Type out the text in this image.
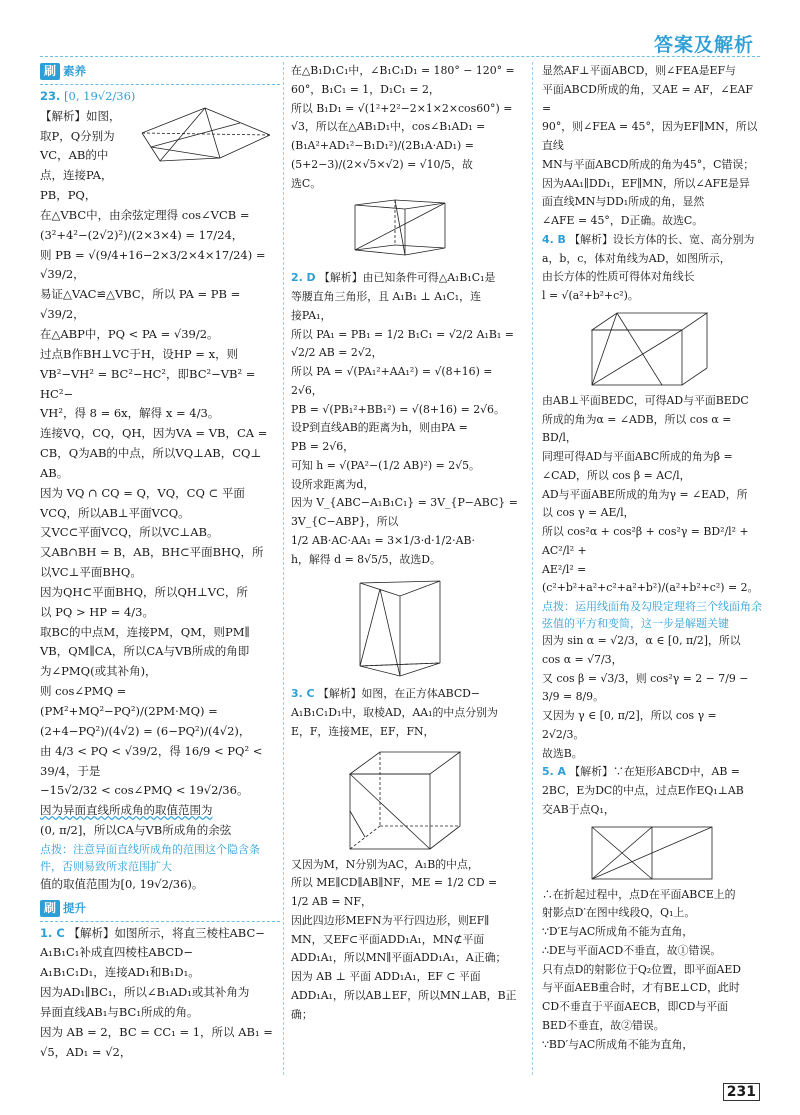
答案及解析
刷 素养
23. [0, 19√2/36)

【解析】如图，取P，Q分别为VC，AB的中点，连接PA，PB，PQ，

在△VBC中，由余弦定理得 cos∠VCB =

(3²+4²−(2√2)²)/(2×3×4) = 17/24，

则 PB = √(9/4+16−2×3/2×4×17/24) = √39/2，

易证△VAC≌△VBC，所以 PA = PB = √39/2，

在△ABP中，PQ < PA = √39/2。

过点B作BH⊥VC于H，设HP = x，则

VB²−VH² = BC²−HC²，即BC²−VB² = HC²−

VH²，得 8 = 6x，解得 x = 4/3。

连接VQ，CQ，QH，因为VA = VB，CA =

CB，Q为AB的中点，所以VQ⊥AB，CQ⊥

AB。

因为 VQ ∩ CQ = Q，VQ，CQ ⊂ 平面

VCQ，所以AB⊥平面VCQ。

又VC⊂平面VCQ，所以VC⊥AB。

又AB∩BH = B，AB，BH⊂平面BHQ，所

以VC⊥平面BHQ。

因为QH⊂平面BHQ，所以QH⊥VC，所

以 PQ > HP = 4/3。

取BC的中点M，连接PM，QM，则PM∥

VB，QM∥CA，所以CA与VB所成的角即

为∠PMQ(或其补角)，

则 cos∠PMQ = (PM²+MQ²−PQ²)/(2PM·MQ) =

(2+4−PQ²)/(4√2) = (6−PQ²)/(4√2)，

由 4/3 < PQ < √39/2，得 16/9 < PQ² < 39/4，于是

−15√2/32 < cos∠PMQ < 19√2/36。

因为异面直线所成角的取值范围为

(0, π/2]，所以CA与VB所成角的余弦

点拨：注意异面直线所成角的范围这个隐含条件，否则易致所求范围扩大

值的取值范围为[0, 19√2/36)。

刷 提升

1. C 【解析】如图所示，将直三棱柱ABC−

A₁B₁C₁补成直四棱柱ABCD−

A₁B₁C₁D₁，连接AD₁和B₁D₁。

因为AD₁∥BC₁，所以∠B₁AD₁或其补角为

异面直线AB₁与BC₁所成的角。

因为 AB = 2，BC = CC₁ = 1，所以 AB₁ =

√5，AD₁ = √2，

在△B₁D₁C₁中，∠B₁C₁D₁ = 180° − 120° =

60°，B₁C₁ = 1，D₁C₁ = 2，

所以 B₁D₁ = √(1²+2²−2×1×2×cos60°) =

√3，所以在△AB₁D₁中，cos∠B₁AD₁ =

(B₁A²+AD₁²−B₁D₁²)/(2B₁A·AD₁) = (5+2−3)/(2×√5×√2) = √10/5，故

选C。

2. D 【解析】由已知条件可得△A₁B₁C₁是

等腰直角三角形，且 A₁B₁ ⊥ A₁C₁，连

接PA₁，

所以 PA₁ = PB₁ = 1/2 B₁C₁ = √2/2 A₁B₁ =

√2/2 AB = 2√2，

所以 PA = √(PA₁²+AA₁²) = √(8+16) = 2√6，

PB = √(PB₁²+BB₁²) = √(8+16) = 2√6。

设P到直线AB的距离为h，则由PA =

PB = 2√6，

可知 h = √(PA²−(1/2 AB)²) = 2√5。

设所求距离为d，

因为 V_{ABC−A₁B₁C₁} = 3V_{P−ABC} = 3V_{C−ABP}，所以

1/2 AB·AC·AA₁ = 3×1/3·d·1/2·AB·

h，解得 d = 8√5/5，故选D。

3. C 【解析】如图，在正方体ABCD−

A₁B₁C₁D₁中，取棱AD，AA₁的中点分别为

E，F，连接ME，EF，FN，

又因为M，N分别为AC，A₁B的中点，

所以 ME∥CD∥AB∥NF，ME = 1/2 CD =

1/2 AB = NF，

因此四边形MEFN为平行四边形，则EF∥

MN，又EF⊂平面ADD₁A₁，MN⊄平面

ADD₁A₁，所以MN∥平面ADD₁A₁，A正确；

因为 AB ⊥ 平面 ADD₁A₁，EF ⊂ 平面

ADD₁A₁，所以AB⊥EF，所以MN⊥AB，B正确；

显然AF⊥平面ABCD，则∠FEA是EF与

平面ABCD所成的角，又AE = AF，∠EAF =

90°，则∠FEA = 45°，因为EF∥MN，所以直线

MN与平面ABCD所成的角为45°，C错误；

因为AA₁∥DD₁，EF∥MN，所以∠AFE是异

面直线MN与DD₁所成的角，显然

∠AFE = 45°，D正确。故选C。

4. B 【解析】设长方体的长、宽、高分别为

a，b，c，体对角线为AD，如图所示，

由长方体的性质可得体对角线长

l = √(a²+b²+c²)。

由AB⊥平面BEDC，可得AD与平面BEDC

所成的角为α = ∠ADB，所以 cos α = BD/l，

同理可得AD与平面ABC所成的角为β =

∠CAD，所以 cos β = AC/l，

AD与平面ABE所成的角为γ = ∠EAD，所

以 cos γ = AE/l，

所以 cos²α + cos²β + cos²γ = BD²/l² + AC²/l² +

AE²/l² = (c²+b²+a²+c²+a²+b²)/(a²+b²+c²) = 2。

点拨：运用线面角及勾股定理将三个线面角余弦值的平方和变简，这一步是解题关键

因为 sin α = √2/3，α ∈ [0, π/2]，所以

cos α = √7/3，

又 cos β = √3/3，则 cos²γ = 2 − 7/9 − 3/9 = 8/9。

又因为 γ ∈ [0, π/2]，所以 cos γ = 2√2/3。

故选B。

5. A 【解析】∵在矩形ABCD中，AB =

2BC，E为DC的中点，过点E作EQ₁⊥AB

交AB于点Q₁，

∴在折起过程中，点D在平面ABCE上的

射影点D′在图中线段Q，Q₁上。

∵D′E与AC所成角不能为直角，

∴DE与平面ACD不垂直，故①错误。

只有点D的射影位于Q₂位置，即平面AED

与平面AEB重合时，才有BE⊥CD，此时

CD不垂直于平面AECB，即CD与平面

BED不垂直，故②错误。

∵BD′与AC所成角不能为直角，

231
